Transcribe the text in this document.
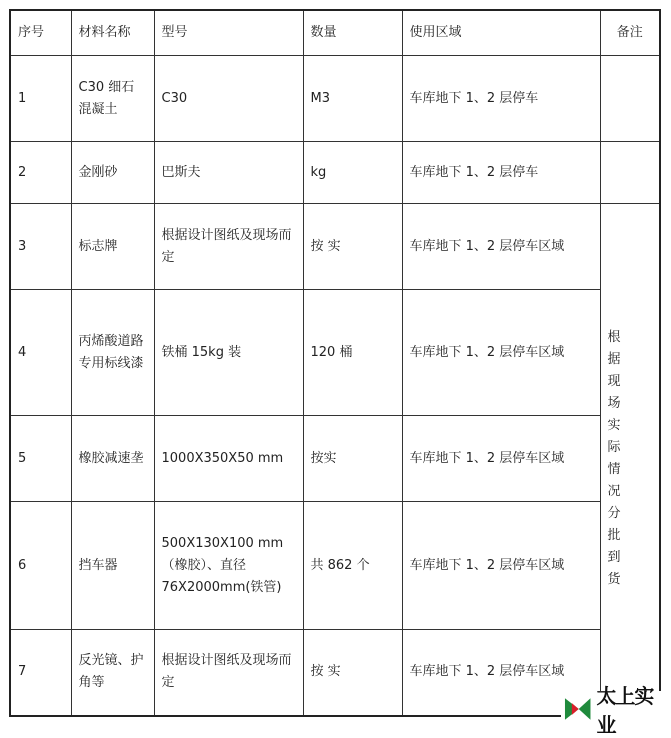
序号	材料名称	型号	数量	使用区域	备注
1	C30 细石混凝土	C30	M3	车库地下 1、2 层停车	
2	金刚砂	巴斯夫	kg	车库地下 1、2 层停车	
3	标志牌	根据设计图纸及现场而定	按 实	车库地下 1、2 层停车区域	根据现场实际情况分批到货

4	丙烯酸道路专用标线漆	铁桶 15kg 装	120 桶	车库地下 1、2 层停车区域	
5	橡胶减速垄	1000X350X50 mm	按实	车库地下 1、2 层停车区域	
6	挡车器	500X130X100 mm（橡胶）、直径76X2000mm(铁管)	共 862 个	车库地下 1、2 层停车区域	
7	反光镜、护角等	根据设计图纸及现场而定	按 实	车库地下 1、2 层停车区域	
太上实业
